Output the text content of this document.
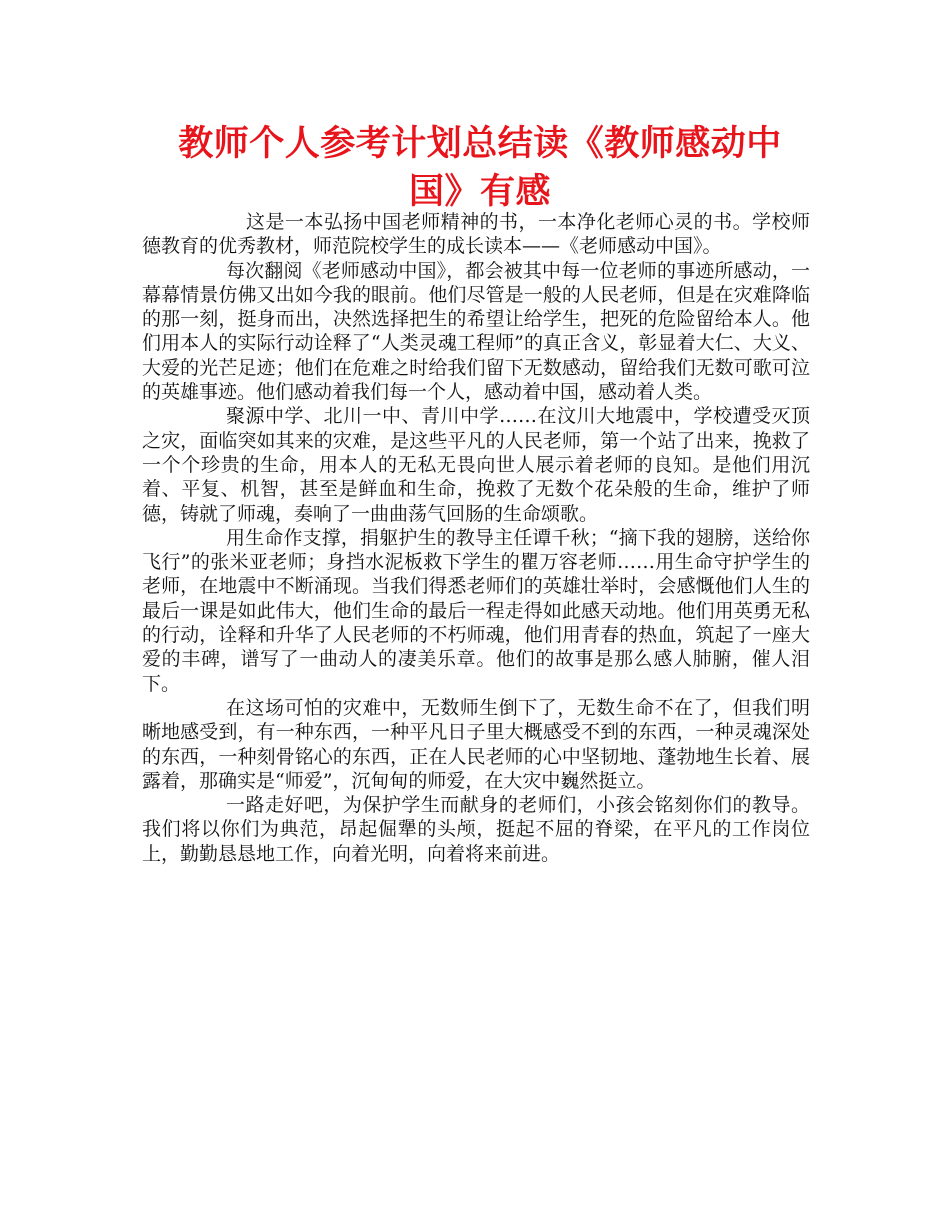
教师个人参考计划总结读《教师感动中
国》有感

这是一本弘扬中国老师精神的书，一本净化老师心灵的书。学校师德教育的优秀教材，师范院校学生的成长读本——《老师感动中国》。

每次翻阅《老师感动中国》，都会被其中每一位老师的事迹所感动，一幕幕情景仿佛又出如今我的眼前。他们尽管是一般的人民老师，但是在灾难降临的那一刻，挺身而出，决然选择把生的希望让给学生，把死的危险留给本人。他们用本人的实际行动诠释了“人类灵魂工程师”的真正含义，彰显着大仁、大义、大爱的光芒足迹；他们在危难之时给我们留下无数感动，留给我们无数可歌可泣的英雄事迹。他们感动着我们每一个人，感动着中国，感动着人类。

聚源中学、北川一中、青川中学……在汶川大地震中，学校遭受灭顶之灾，面临突如其来的灾难，是这些平凡的人民老师，第一个站了出来，挽救了一个个珍贵的生命，用本人的无私无畏向世人展示着老师的良知。是他们用沉着、平复、机智，甚至是鲜血和生命，挽救了无数个花朵般的生命，维护了师德，铸就了师魂，奏响了一曲曲荡气回肠的生命颂歌。

用生命作支撑，捐躯护生的教导主任谭千秋；“摘下我的翅膀，送给你飞行”的张米亚老师；身挡水泥板救下学生的瞿万容老师……用生命守护学生的老师，在地震中不断涌现。当我们得悉老师们的英雄壮举时，会感慨他们人生的最后一课是如此伟大，他们生命的最后一程走得如此感天动地。他们用英勇无私的行动，诠释和升华了人民老师的不朽师魂，他们用青春的热血，筑起了一座大爱的丰碑，谱写了一曲动人的凄美乐章。他们的故事是那么感人肺腑，催人泪下。

在这场可怕的灾难中，无数师生倒下了，无数生命不在了，但我们明晰地感受到，有一种东西，一种平凡日子里大概感受不到的东西，一种灵魂深处的东西，一种刻骨铭心的东西，正在人民老师的心中坚韧地、蓬勃地生长着、展露着，那确实是“师爱”，沉甸甸的师爱，在大灾中巍然挺立。

一路走好吧，为保护学生而献身的老师们，小孩会铭刻你们的教导。我们将以你们为典范，昂起倔犟的头颅，挺起不屈的脊梁，在平凡的工作岗位上，勤勤恳恳地工作，向着光明，向着将来前进。
